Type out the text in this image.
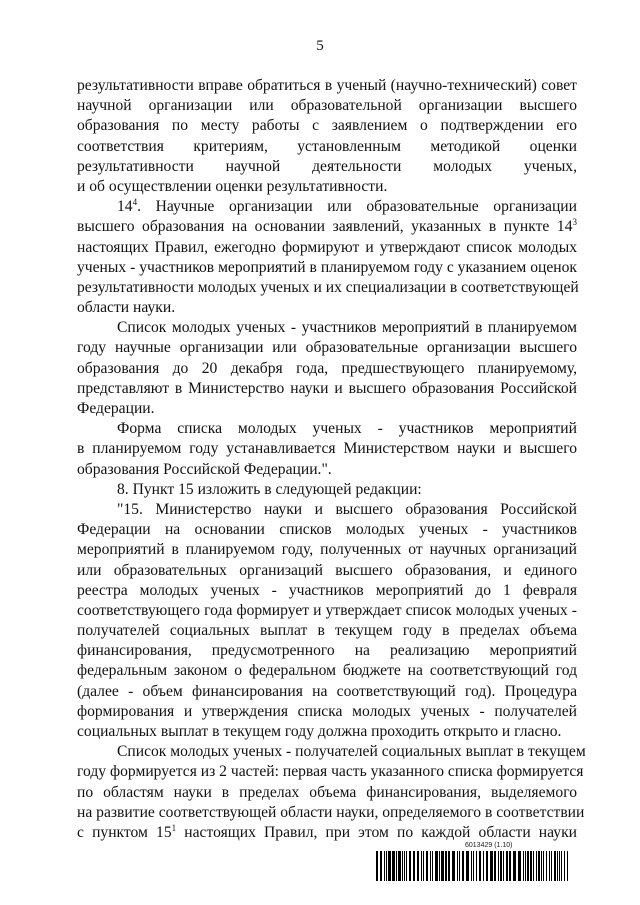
5
результативности вправе обратиться в ученый (научно-технический) совет
научной организации или образовательной организации высшего
образования по месту работы с заявлением о подтверждении его
соответствия критериям, установленным методикой оценки
результативности научной деятельности молодых ученых,
и об осуществлении оценки результативности.
$14^4$. Научные организации или образовательные организации
высшего образования на основании заявлений, указанных в пункте $14^3$
настоящих Правил, ежегодно формируют и утверждают список молодых
ученых - участников мероприятий в планируемом году с указанием оценок
результативности молодых ученых и их специализации в соответствующей
области науки.
Список молодых ученых - участников мероприятий в планируемом
году научные организации или образовательные организации высшего
образования до 20 декабря года, предшествующего планируемому,
представляют в Министерство науки и высшего образования Российской
Федерации.
Форма списка молодых ученых - участников мероприятий
в планируемом году устанавливается Министерством науки и высшего
образования Российской Федерации.".
8. Пункт 15 изложить в следующей редакции:
"15. Министерство науки и высшего образования Российской
Федерации на основании списков молодых ученых - участников
мероприятий в планируемом году, полученных от научных организаций
или образовательных организаций высшего образования, и единого
реестра молодых ученых - участников мероприятий до 1 февраля
соответствующего года формирует и утверждает список молодых ученых -
получателей социальных выплат в текущем году в пределах объема
финансирования, предусмотренного на реализацию мероприятий
федеральным законом о федеральном бюджете на соответствующий год
(далее - объем финансирования на соответствующий год). Процедура
формирования и утверждения списка молодых ученых - получателей
социальных выплат в текущем году должна проходить открыто и гласно.
Список молодых ученых - получателей социальных выплат в текущем
году формируется из 2 частей: первая часть указанного списка формируется
по областям науки в пределах объема финансирования, выделяемого
на развитие соответствующей области науки, определяемого в соответствии
с пунктом $15^1$ настоящих Правил, при этом по каждой области науки
6013429 (1.10)
